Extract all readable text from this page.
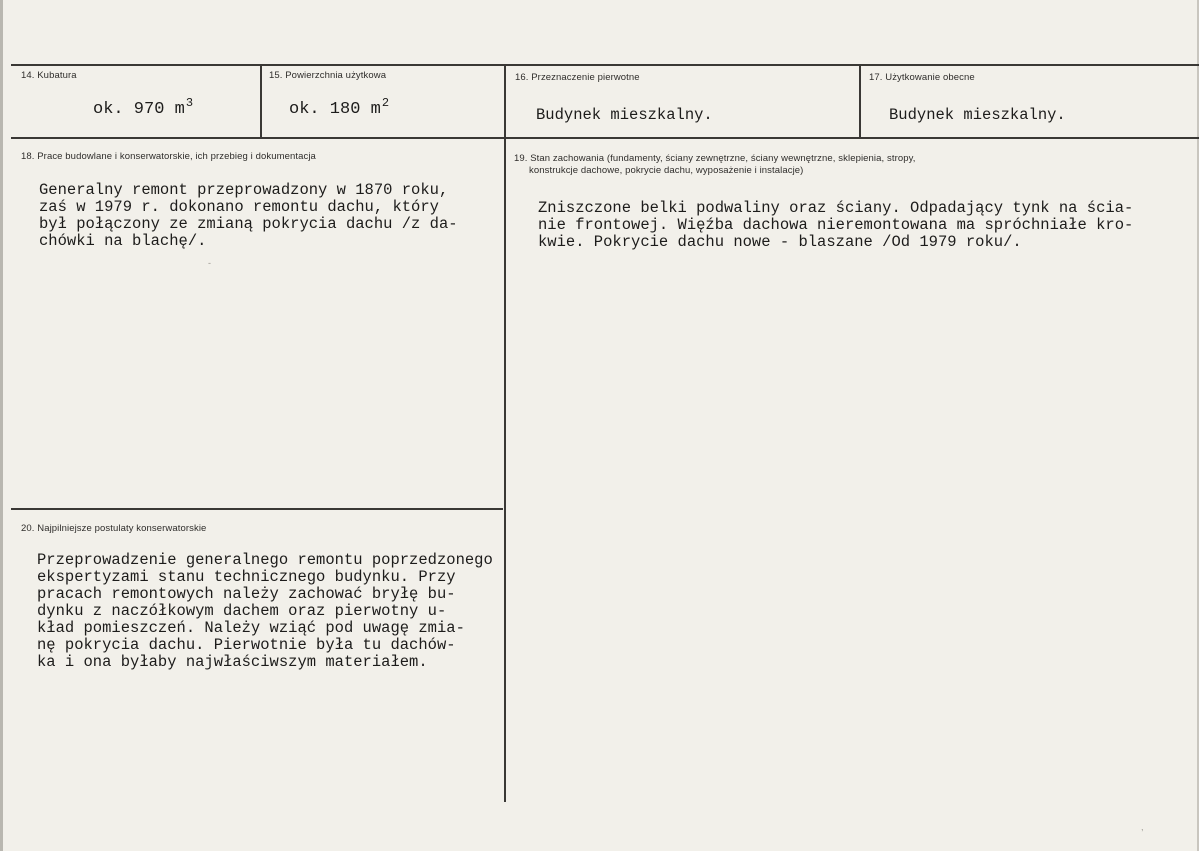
14. Kubatura
ok. 970 $m^3$
15. Powierzchnia użytkowa
ok. 180 $m^2$
16. Przeznaczenie pierwotne
Budynek mieszkalny.
17. Użytkowanie obecne
Budynek mieszkalny.
18. Prace budowlane i konserwatorskie, ich przebieg i dokumentacja
Generalny remont przeprowadzony w 1870 roku,
zaś w 1979 r. dokonano remontu dachu, który
był połączony ze zmianą pokrycia dachu /z da-
chówki na blachę/.
19. Stan zachowania (fundamenty, ściany zewnętrzne, ściany wewnętrzne, sklepienia, stropy,
konstrukcje dachowe, pokrycie dachu, wyposażenie i instalacje)
Zniszczone belki podwaliny oraz ściany. Odpadający tynk na ścia-
nie frontowej. Więźba dachowa nieremontowana ma spróchniałe kro-
kwie. Pokrycie dachu nowe - blaszane /Od 1979 roku/.
20. Najpilniejsze postulaty konserwatorskie
Przeprowadzenie generalnego remontu poprzedzonego
ekspertyzami stanu technicznego budynku. Przy
pracach remontowych należy zachować bryłę bu-
dynku z naczółkowym dachem oraz pierwotny u-
kład pomieszczeń. Należy wziąć pod uwagę zmia-
nę pokrycia dachu. Pierwotnie była tu dachów-
ka i ona byłaby najwłaściwszym materiałem.
-
,
